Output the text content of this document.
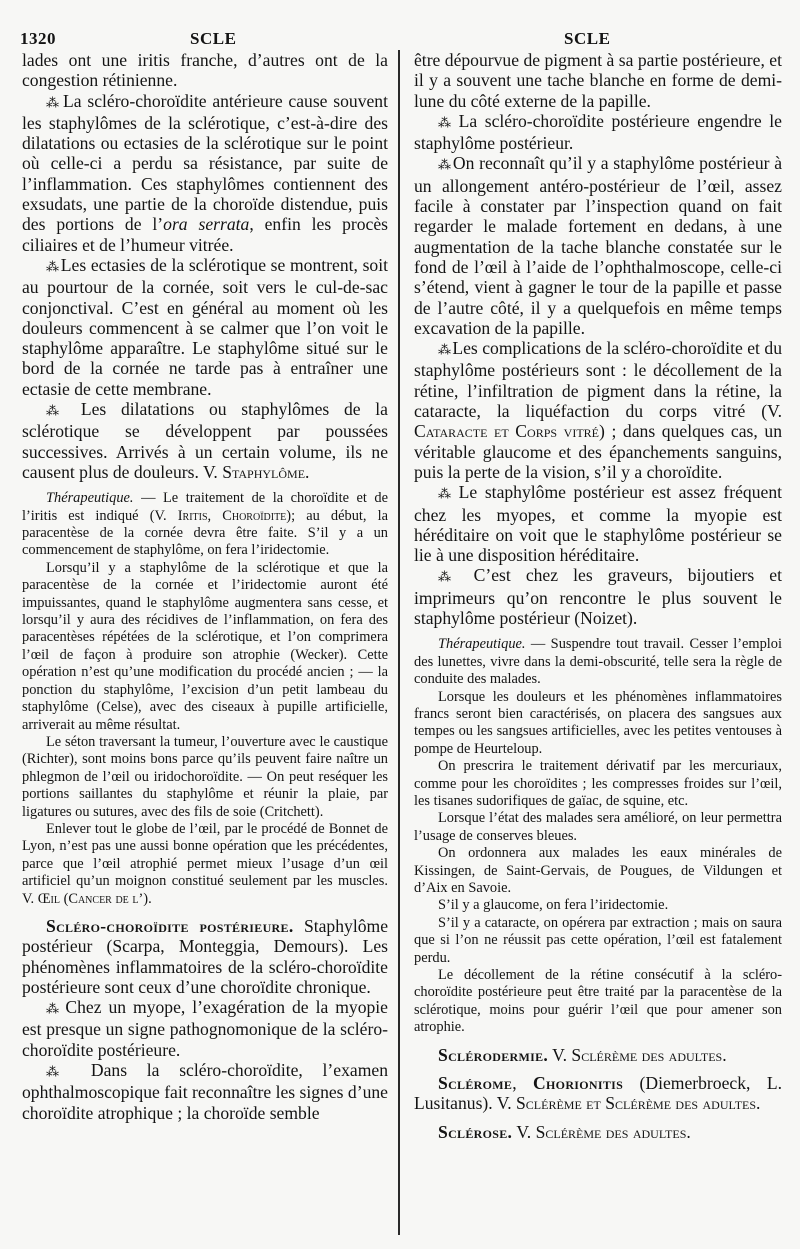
1320	SCLE	SCLE

lades ont une iritis franche, d’autres ont de la congestion rétinienne.

⁂ La scléro-choroïdite antérieure cause souvent les staphylômes de la sclérotique, c’est-à-dire des dilatations ou ectasies de la sclérotique sur le point où celle-ci a perdu sa résistance, par suite de l’inflammation. Ces staphylômes contiennent des exsudats, une partie de la choroïde distendue, puis des portions de l’ora serrata, enfin les procès ciliaires et de l’humeur vitrée.

⁂ Les ectasies de la sclérotique se montrent, soit au pourtour de la cornée, soit vers le cul-de-sac conjonctival. C’est en général au moment où les douleurs commencent à se calmer que l’on voit le staphylôme apparaître. Le staphylôme situé sur le bord de la cornée ne tarde pas à entraîner une ectasie de cette membrane.

⁂ Les dilatations ou staphylômes de la sclérotique se développent par poussées successives. Arrivés à un certain volume, ils ne causent plus de douleurs. V. Staphylôme.

Thérapeutique. — Le traitement de la choroïdite et de l’iritis est indiqué (V. Iritis, Choroïdite); au début, la paracentèse de la cornée devra être faite. S’il y a un commencement de staphylôme, on fera l’iridectomie.

Lorsqu’il y a staphylôme de la sclérotique et que la paracentèse de la cornée et l’iridectomie auront été impuissantes, quand le staphylôme augmentera sans cesse, et lorsqu’il y aura des récidives de l’inflammation, on fera des paracentèses répétées de la sclérotique, et l’on comprimera l’œil de façon à produire son atrophie (Wecker). Cette opération n’est qu’une modification du procédé ancien ; — la ponction du staphylôme, l’excision d’un petit lambeau du staphylôme (Celse), avec des ciseaux à pupille artificielle, arriverait au même résultat.

Le séton traversant la tumeur, l’ouverture avec le caustique (Richter), sont moins bons parce qu’ils peuvent faire naître un phlegmon de l’œil ou iridochoroïdite. — On peut reséquer les portions saillantes du staphylôme et réunir la plaie, par ligatures ou sutures, avec des fils de soie (Critchett).

Enlever tout le globe de l’œil, par le procédé de Bonnet de Lyon, n’est pas une aussi bonne opération que les précédentes, parce que l’œil atrophié permet mieux l’usage d’un œil artificiel qu’un moignon constitué seulement par les muscles. V. Œil (Cancer de l’).

Scléro-choroïdite postérieure. Staphylôme postérieur (Scarpa, Monteggia, Demours). Les phénomènes inflammatoires de la scléro-choroïdite postérieure sont ceux d’une choroïdite chronique.

⁂ Chez un myope, l’exagération de la myopie est presque un signe pathognomonique de la scléro-choroïdite postérieure.

⁂ Dans la scléro-choroïdite, l’examen ophthalmoscopique fait reconnaître les signes d’une choroïdite atrophique ; la choroïde semble

être dépourvue de pigment à sa partie postérieure, et il y a souvent une tache blanche en forme de demi-lune du côté externe de la papille.

⁂ La scléro-choroïdite postérieure engendre le staphylôme postérieur.

⁂ On reconnaît qu’il y a staphylôme postérieur à un allongement antéro-postérieur de l’œil, assez facile à constater par l’inspection quand on fait regarder le malade fortement en dedans, à une augmentation de la tache blanche constatée sur le fond de l’œil à l’aide de l’ophthalmoscope, celle-ci s’étend, vient à gagner le tour de la papille et passe de l’autre côté, il y a quelquefois en même temps excavation de la papille.

⁂ Les complications de la scléro-choroïdite et du staphylôme postérieurs sont : le décollement de la rétine, l’infiltration de pigment dans la rétine, la cataracte, la liquéfaction du corps vitré (V. Cataracte et Corps vitré) ; dans quelques cas, un véritable glaucome et des épanchements sanguins, puis la perte de la vision, s’il y a choroïdite.

⁂ Le staphylôme postérieur est assez fréquent chez les myopes, et comme la myopie est héréditaire on voit que le staphylôme postérieur se lie à une disposition héréditaire.

⁂ C’est chez les graveurs, bijoutiers et imprimeurs qu’on rencontre le plus souvent le staphylôme postérieur (Noizet).

Thérapeutique. — Suspendre tout travail. Cesser l’emploi des lunettes, vivre dans la demi-obscurité, telle sera la règle de conduite des malades.

Lorsque les douleurs et les phénomènes inflammatoires francs seront bien caractérisés, on placera des sangsues aux tempes ou les sangsues artificielles, avec les petites ventouses à pompe de Heurteloup.

On prescrira le traitement dérivatif par les mercuriaux, comme pour les choroïdites ; les compresses froides sur l’œil, les tisanes sudorifiques de gaïac, de squine, etc.

Lorsque l’état des malades sera amélioré, on leur permettra l’usage de conserves bleues.

On ordonnera aux malades les eaux minérales de Kissingen, de Saint-Gervais, de Pougues, de Vildungen et d’Aix en Savoie.

S’il y a glaucome, on fera l’iridectomie.

S’il y a cataracte, on opérera par extraction ; mais on saura que si l’on ne réussit pas cette opération, l’œil est fatalement perdu.

Le décollement de la rétine consécutif à la scléro-choroïdite postérieure peut être traité par la paracentèse de la sclérotique, moins pour guérir l’œil que pour amener son atrophie.

Sclérodermie. V. Sclérème des adultes.

Sclérome, Chorionitis (Diemerbroeck, L. Lusitanus). V. Sclérème et Sclérème des adultes.

Sclérose. V. Sclérème des adultes.
